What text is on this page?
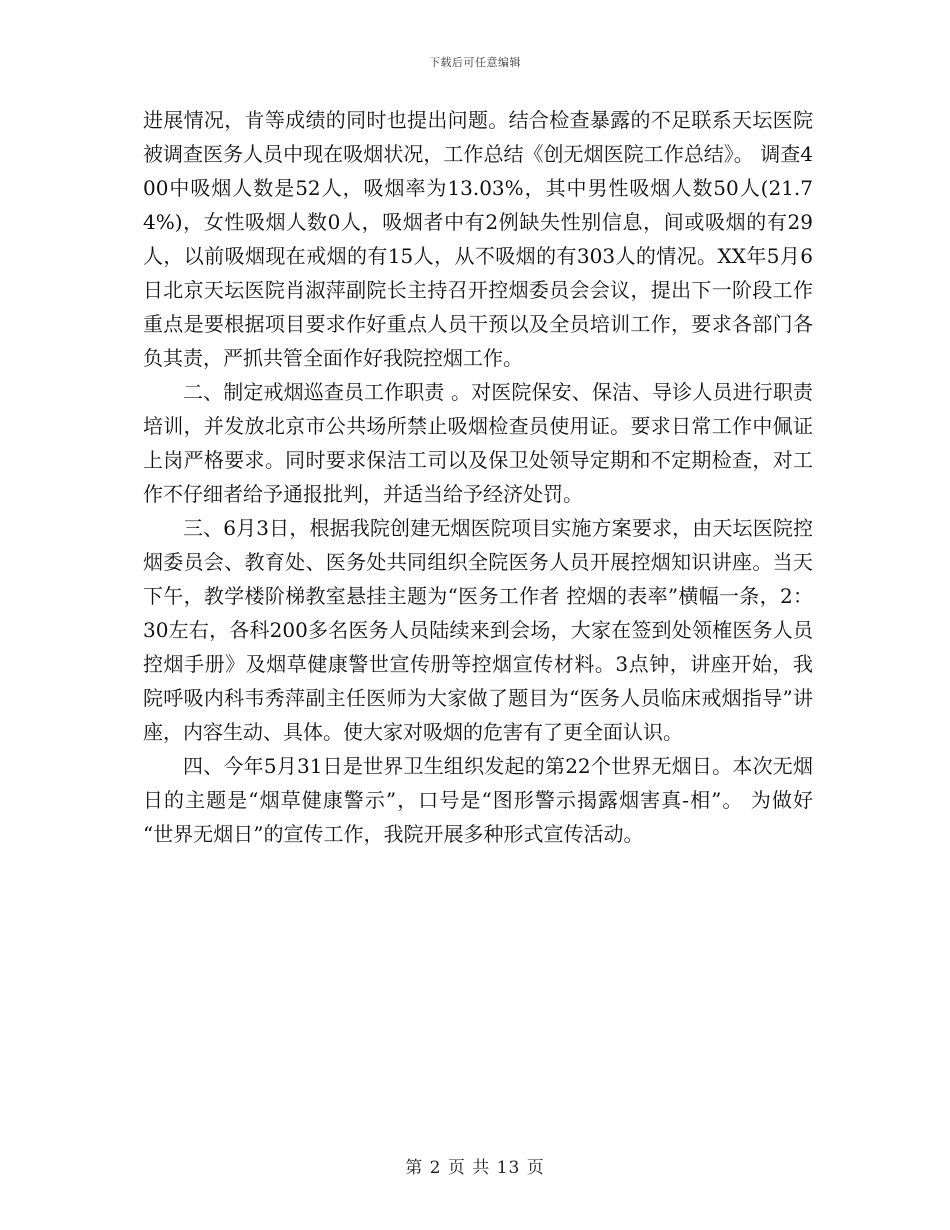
下载后可任意编辑

进展情况，肯等成绩的同时也提出问题。结合检查暴露的不足联系天坛医院被调查医务人员中现在吸烟状况，工作总结《创无烟医院工作总结》。 调查400中吸烟人数是52人，吸烟率为13.03%，其中男性吸烟人数50人(21.74%)，女性吸烟人数0人，吸烟者中有2例缺失性别信息，间或吸烟的有29人，以前吸烟现在戒烟的有15人，从不吸烟的有303人的情况。XX年5月6日北京天坛医院肖淑萍副院长主持召开控烟委员会会议，提出下一阶段工作重点是要根据项目要求作好重点人员干预以及全员培训工作，要求各部门各负其责，严抓共管全面作好我院控烟工作。

二、制定戒烟巡查员工作职责 。对医院保安、保洁、导诊人员进行职责培训，并发放北京市公共场所禁止吸烟检查员使用证。要求日常工作中佩证上岗严格要求。同时要求保洁工司以及保卫处领导定期和不定期检查，对工作不仔细者给予通报批判，并适当给予经济处罚。

三、6月3日，根据我院创建无烟医院项目实施方案要求，由天坛医院控烟委员会、教育处、医务处共同组织全院医务人员开展控烟知识讲座。当天下午，教学楼阶梯教室悬挂主题为“医务工作者 控烟的表率”横幅一条，2：30左右，各科200多名医务人员陆续来到会场，大家在签到处领榷医务人员控烟手册》及烟草健康警世宣传册等控烟宣传材料。3点钟，讲座开始，我院呼吸内科韦秀萍副主任医师为大家做了题目为“医务人员临床戒烟指导”讲座，内容生动、具体。使大家对吸烟的危害有了更全面认识。

四、今年5月31日是世界卫生组织发起的第22个世界无烟日。本次无烟日的主题是“烟草健康警示”，口号是“图形警示揭露烟害真-相”。 为做好 “世界无烟日”的宣传工作，我院开展多种形式宣传活动。

第 2 页 共 13 页
